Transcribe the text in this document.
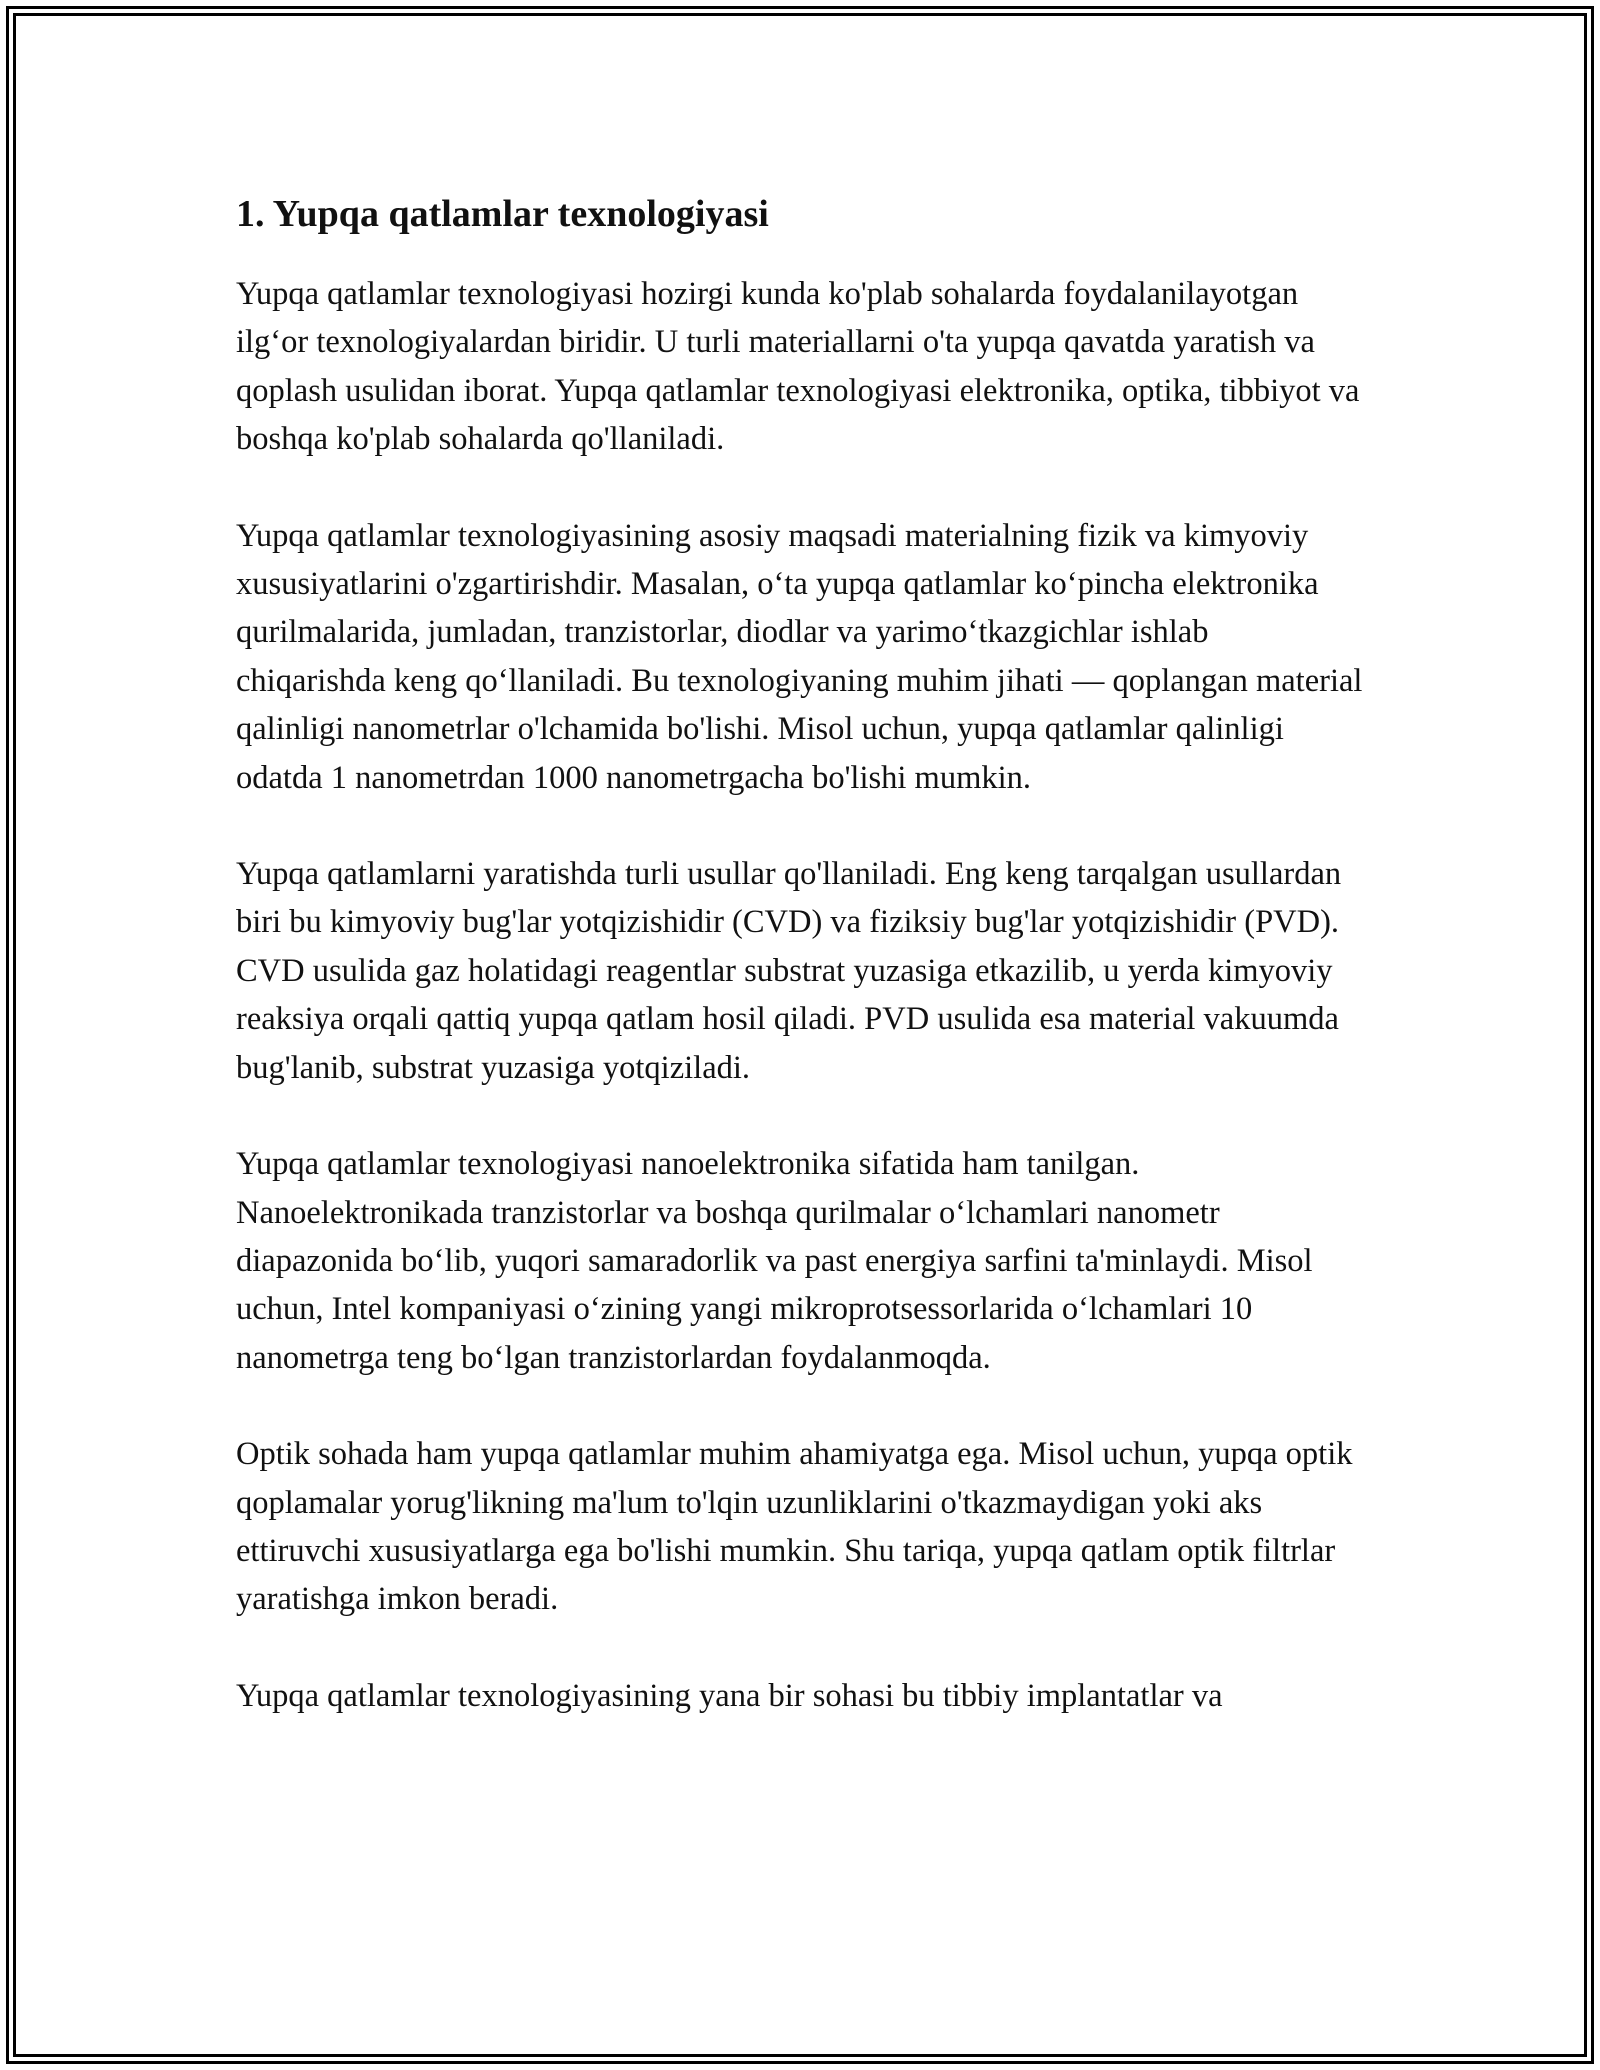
1. Yupqa qatlamlar texnologiyasi

Yupqa qatlamlar texnologiyasi hozirgi kunda ko'plab sohalarda foydalanilayotgan ilg‘or texnologiyalardan biridir. U turli materiallarni o'ta yupqa qavatda yaratish va qoplash usulidan iborat. Yupqa qatlamlar texnologiyasi elektronika, optika, tibbiyot va boshqa ko'plab sohalarda qo'llaniladi.

Yupqa qatlamlar texnologiyasining asosiy maqsadi materialning fizik va kimyoviy xususiyatlarini o'zgartirishdir. Masalan, o‘ta yupqa qatlamlar ko‘pincha elektronika qurilmalarida, jumladan, tranzistorlar, diodlar va yarimo‘tkazgichlar ishlab chiqarishda keng qo‘llaniladi. Bu texnologiyaning muhim jihati — qoplangan material qalinligi nanometrlar o'lchamida bo'lishi. Misol uchun, yupqa qatlamlar qalinligi odatda 1 nanometrdan 1000 nanometrgacha bo'lishi mumkin.

Yupqa qatlamlarni yaratishda turli usullar qo'llaniladi. Eng keng tarqalgan usullardan biri bu kimyoviy bug'lar yotqizishidir (CVD) va fiziksiy bug'lar yotqizishidir (PVD). CVD usulida gaz holatidagi reagentlar substrat yuzasiga etkazilib, u yerda kimyoviy reaksiya orqali qattiq yupqa qatlam hosil qiladi. PVD usulida esa material vakuumda bug'lanib, substrat yuzasiga yotqiziladi.

Yupqa qatlamlar texnologiyasi nanoelektronika sifatida ham tanilgan. Nanoelektronikada tranzistorlar va boshqa qurilmalar o‘lchamlari nanometr diapazonida bo‘lib, yuqori samaradorlik va past energiya sarfini ta'minlaydi. Misol uchun, Intel kompaniyasi o‘zining yangi mikroprotsessorlarida o‘lchamlari 10 nanometrga teng bo‘lgan tranzistorlardan foydalanmoqda.

Optik sohada ham yupqa qatlamlar muhim ahamiyatga ega. Misol uchun, yupqa optik qoplamalar yorug'likning ma'lum to'lqin uzunliklarini o'tkazmaydigan yoki aks ettiruvchi xususiyatlarga ega bo'lishi mumkin. Shu tariqa, yupqa qatlam optik filtrlar yaratishga imkon beradi.

Yupqa qatlamlar texnologiyasining yana bir sohasi bu tibbiy implantatlar va
